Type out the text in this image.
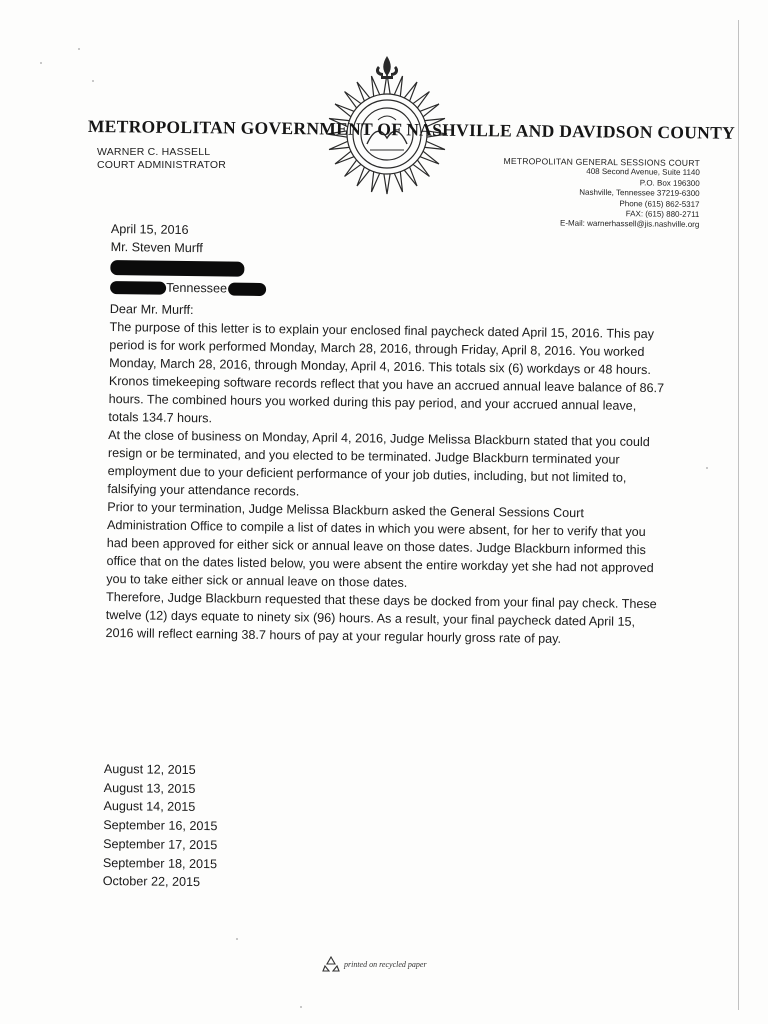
METROPOLITAN GOVERNMENT OF NASHVILLE AND DAVIDSON COUNTY
WARNER C. HASSELL
COURT ADMINISTRATOR	METROPOLITAN GENERAL SESSIONS COURT
408 Second Avenue, Suite 1140
P.O. Box 196300
Nashville, Tennessee 37219-6300
Phone (615) 862-5317
FAX: (615) 880-2711
E-Mail: warnerhassell@jis.nashville.org

April 15, 2016

Mr. Steven Murff

Tennessee

Dear Mr. Murff:

The purpose of this letter is to explain your enclosed final paycheck dated April 15, 2016. This pay period is for work performed Monday, March 28, 2016, through Friday, April 8, 2016. You worked Monday, March 28, 2016, through Monday, April 4, 2016. This totals six (6) workdays or 48 hours.

Kronos timekeeping software records reflect that you have an accrued annual leave balance of 86.7 hours. The combined hours you worked during this pay period, and your accrued annual leave, totals 134.7 hours.

At the close of business on Monday, April 4, 2016, Judge Melissa Blackburn stated that you could resign or be terminated, and you elected to be terminated. Judge Blackburn terminated your employment due to your deficient performance of your job duties, including, but not limited to, falsifying your attendance records.

Prior to your termination, Judge Melissa Blackburn asked the General Sessions Court Administration Office to compile a list of dates in which you were absent, for her to verify that you had been approved for either sick or annual leave on those dates. Judge Blackburn informed this office that on the dates listed below, you were absent the entire workday yet she had not approved you to take either sick or annual leave on those dates.

Therefore, Judge Blackburn requested that these days be docked from your final pay check. These twelve (12) days equate to ninety six (96) hours. As a result, your final paycheck dated April 15, 2016 will reflect earning 38.7 hours of pay at your regular hourly gross rate of pay.

August 12, 2015
August 13, 2015
August 14, 2015
September 16, 2015
September 17, 2015
September 18, 2015
October 22, 2015
printed on recycled paper
